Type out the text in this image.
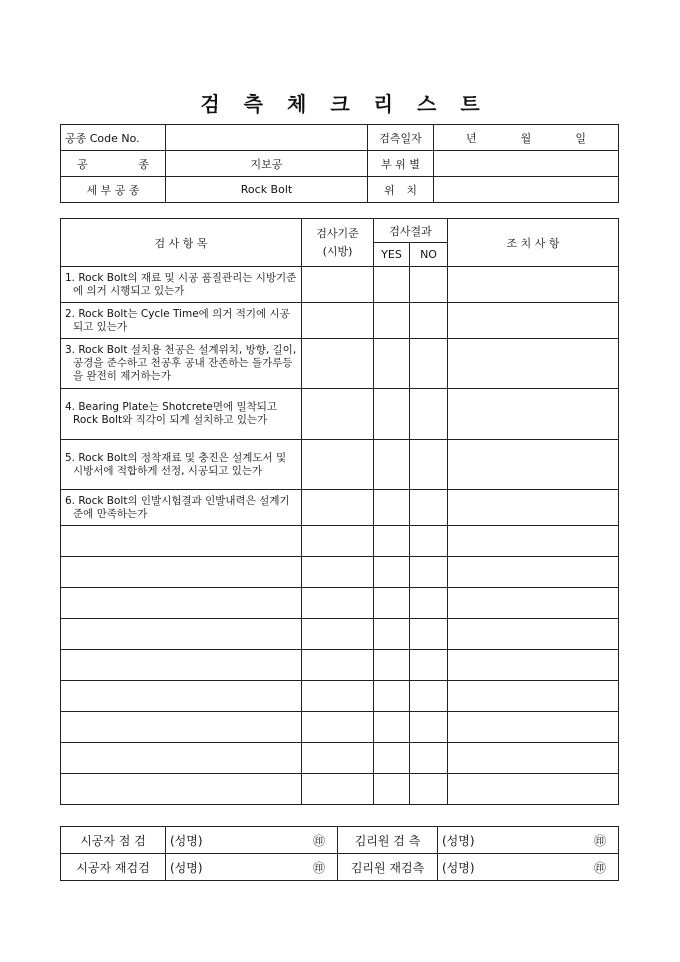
검 측 체 크 리 스 트
공종 Code No.		검측일자	년 월 일

공 종	지보공	부 위 별	
세 부 공 종	Rock Bolt	위 치	

검 사 항 목	검사기준
(시방)	검사결과		조 치 사 항
		YES	NO	

1. Rock Bolt의 재료 및 시공 품질관리는 시방기준에 의거 시행되고 있는가				

2. Rock Bolt는 Cycle Time에 의거 적기에 시공되고 있는가				

3. Rock Bolt 설치용 천공은 설계위치, 방향, 길이, 공경을 준수하고 천공후 공내 잔존하는 돌가루등을 완전히 제거하는가				

4. Bearing Plate는 Shotcrete면에 밀착되고 Rock Bolt와 직각이 되게 설치하고 있는가				

5. Rock Bolt의 정착재료 및 충진은 설계도서 및 시방서에 적합하게 선정, 시공되고 있는가				

6. Rock Bolt의 인발시험결과 인발내력은 설계기준에 만족하는가				

시공자 점 검	(성명) ㊞	김리원 검 측	(성명) ㊞

시공자 재검검	(성명) ㊞	김리원 재검측	(성명) ㊞
